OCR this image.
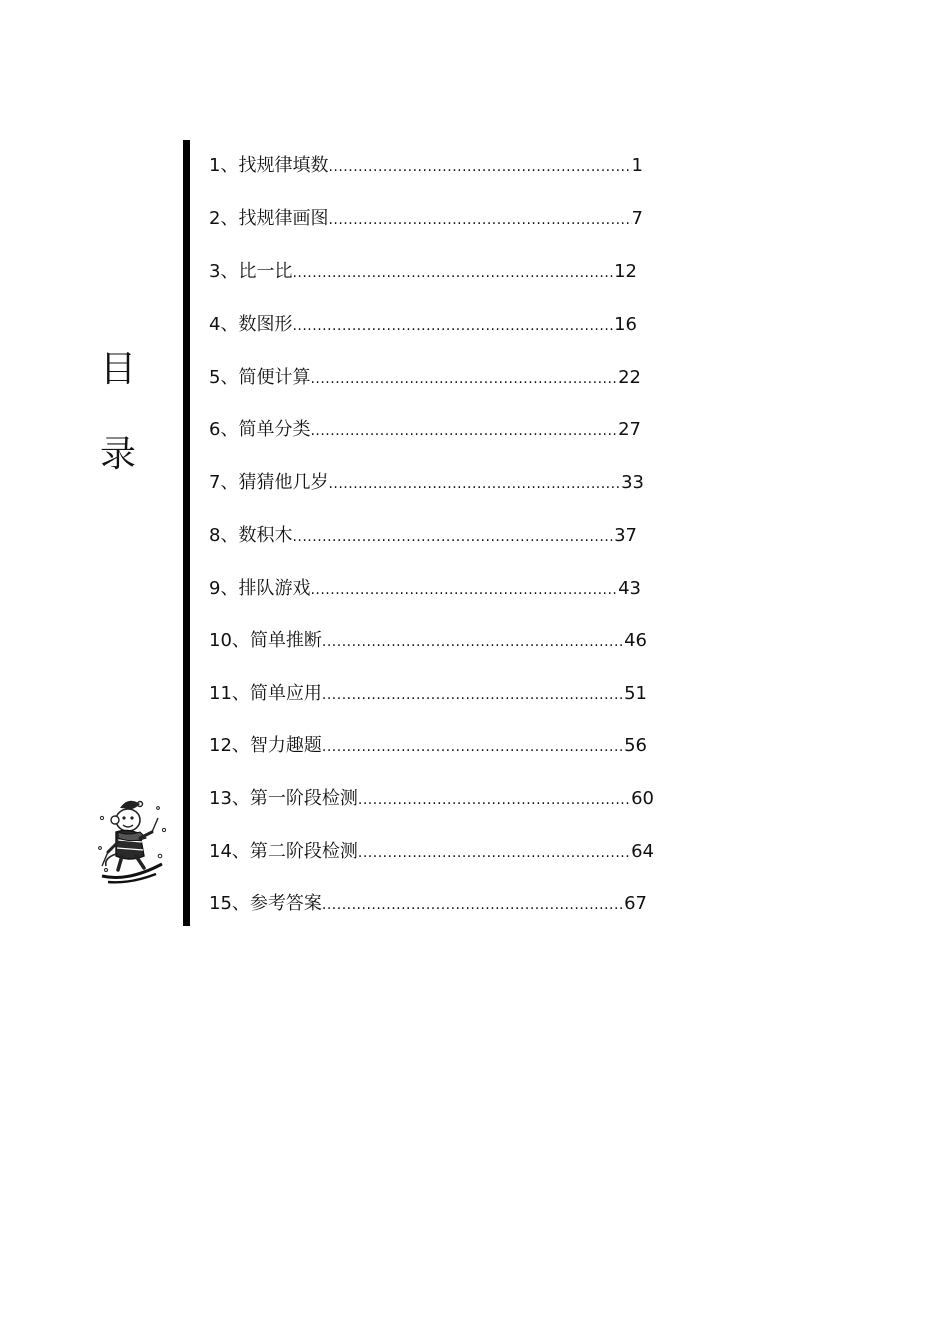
目
录
1、找规律填数 .....	1
2、找规律画图 .....	7
3、比一比 .....	12
4、数图形 .....	16
5、简便计算 .....	22
6、简单分类 .....	27
7、猜猜他几岁 .....	33
8、数积木 .....	37
9、排队游戏 .....	43
10、简单推断 .....	46
11、简单应用 .....	51
12、智力趣题 .....	56
13、第一阶段检测 .....	60
14、第二阶段检测 .....	64
15、参考答案 .....	67
